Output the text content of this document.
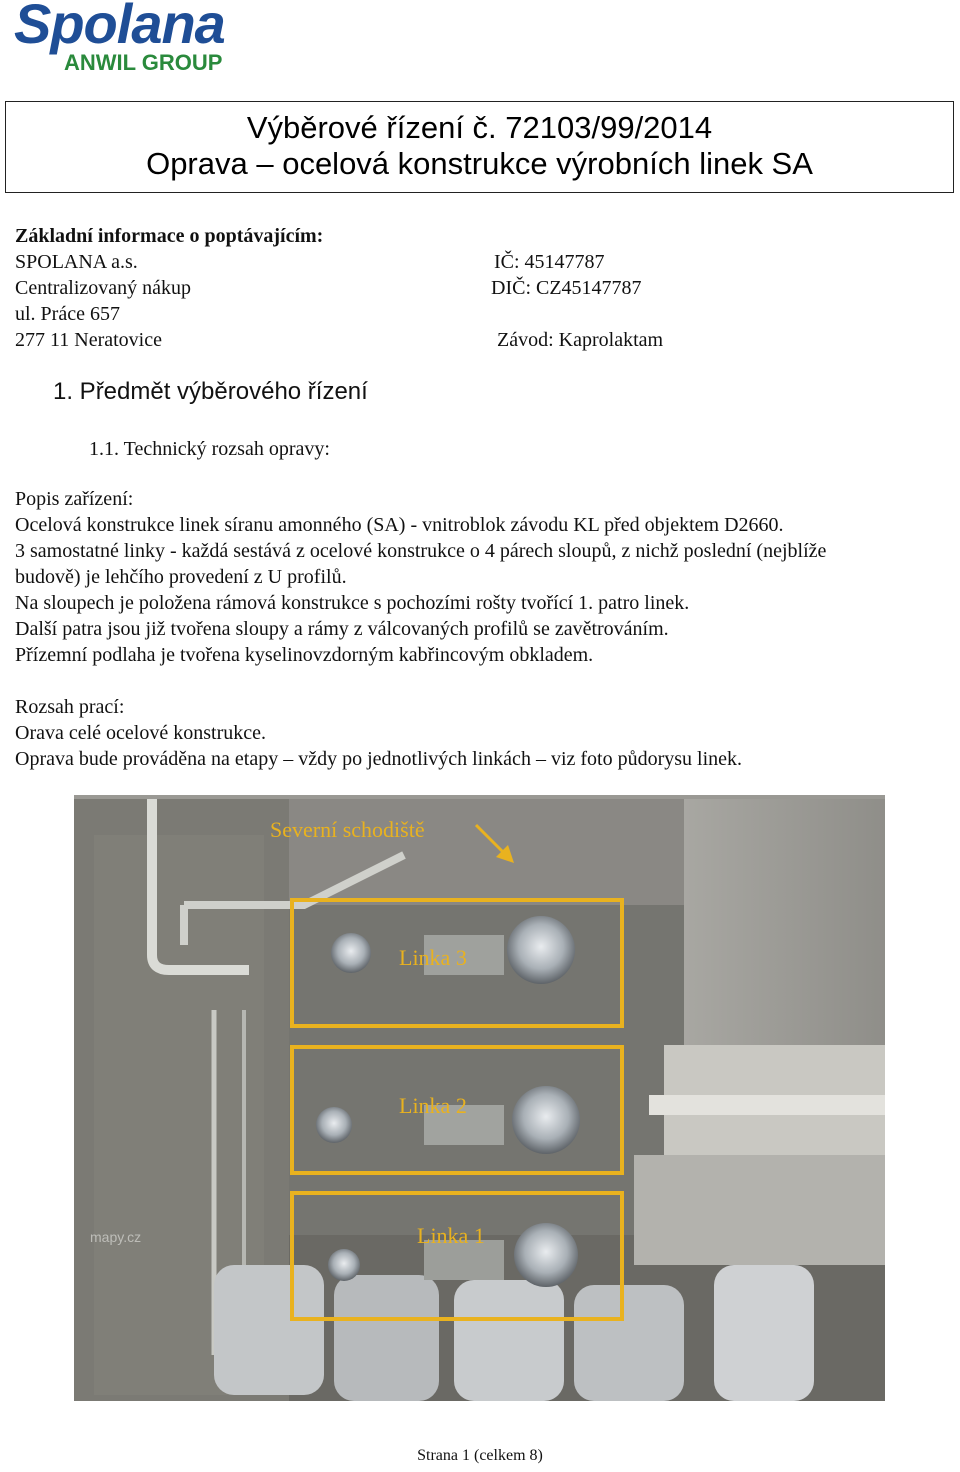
Spolana
ANWIL GROUP
Výběrové řízení č. 72103/99/2014
Oprava – ocelová konstrukce výrobních linek SA
Základní informace o poptávajícím:
SPOLANA a.s.
Centralizovaný nákup
ul. Práce 657
277 11 Neratovice
IČ: 45147787
DIČ: CZ45147787
Závod: Kaprolaktam
1. Předmět výběrového řízení
1.1. Technický rozsah opravy:
Popis zařízení:
Ocelová konstrukce linek síranu amonného (SA) - vnitroblok závodu KL před objektem D2660.
3 samostatné linky - každá sestává z ocelové konstrukce o 4 párech sloupů, z nichž poslední (nejblíže
budově) je lehčího provedení z U profilů.
Na sloupech je položena rámová konstrukce s pochozími rošty tvořící 1. patro linek.
Další patra jsou již tvořena sloupy a rámy z válcovaných profilů se zavětrováním.
Přízemní podlaha je tvořena kyselinovzdorným kabřincovým obkladem.
Rozsah prací:
Orava celé ocelové konstrukce.
Oprava bude prováděna na etapy – vždy po jednotlivých linkách – viz foto půdorysu linek.
Severní schodiště
Linka 3
Linka 2
Linka 1
mapy.cz
Strana 1 (celkem 8)
